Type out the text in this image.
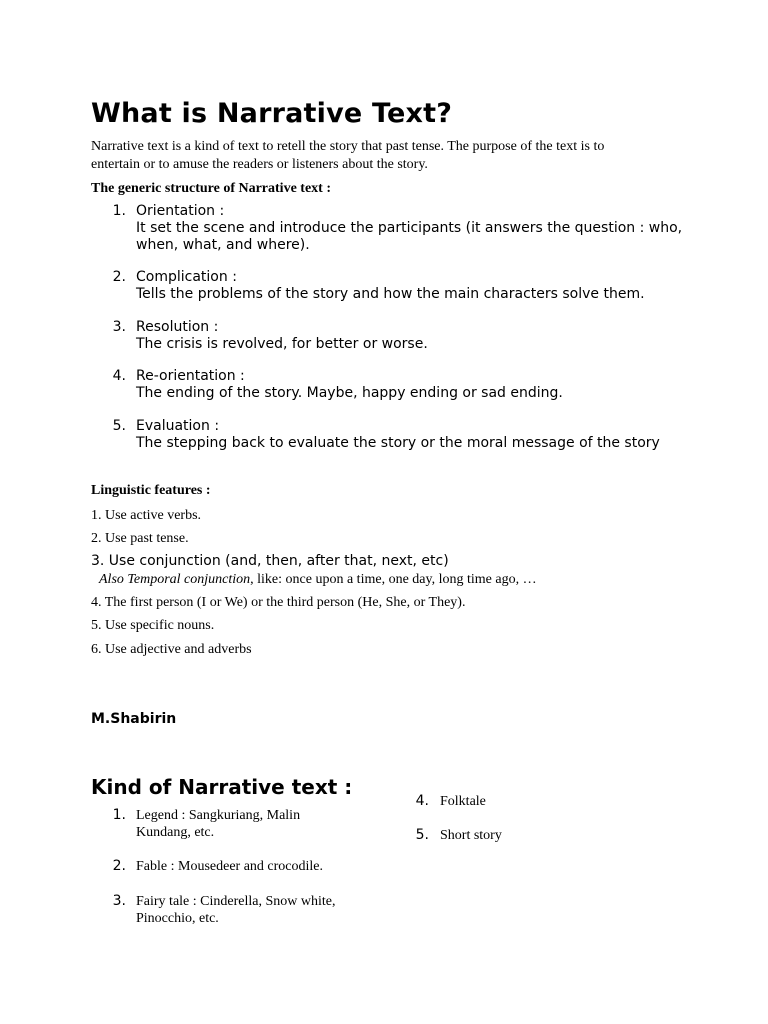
What is Narrative Text?
Narrative text is a kind of text to retell the story that past tense. The purpose of the text is to entertain or to amuse the readers or listeners about the story.
The generic structure of Narrative text :
1. Orientation :
It set the scene and introduce the participants (it answers the question : who,
when, what, and where).
2. Complication :
Tells the problems of the story and how the main characters solve them.
3. Resolution :
The crisis is revolved, for better or worse.
4. Re-orientation :
The ending of the story. Maybe, happy ending or sad ending.
5. Evaluation :
The stepping back to evaluate the story or the moral message of the story
Linguistic features :
1. Use active verbs.
2. Use past tense.
3. Use conjunction (and, then, after that, next, etc)
Also Temporal conjunction, like: once upon a time, one day, long time ago, …
4. The first person (I or We) or the third person (He, She, or They).
5. Use specific nouns.
6. Use adjective and adverbs
M.Shabirin
Kind of Narrative text :
1. Legend : Sangkuriang, Malin
Kundang, etc.
2. Fable : Mousedeer and crocodile.
3. Fairy tale : Cinderella, Snow white,
Pinocchio, etc.
4. Folktale
5. Short story
